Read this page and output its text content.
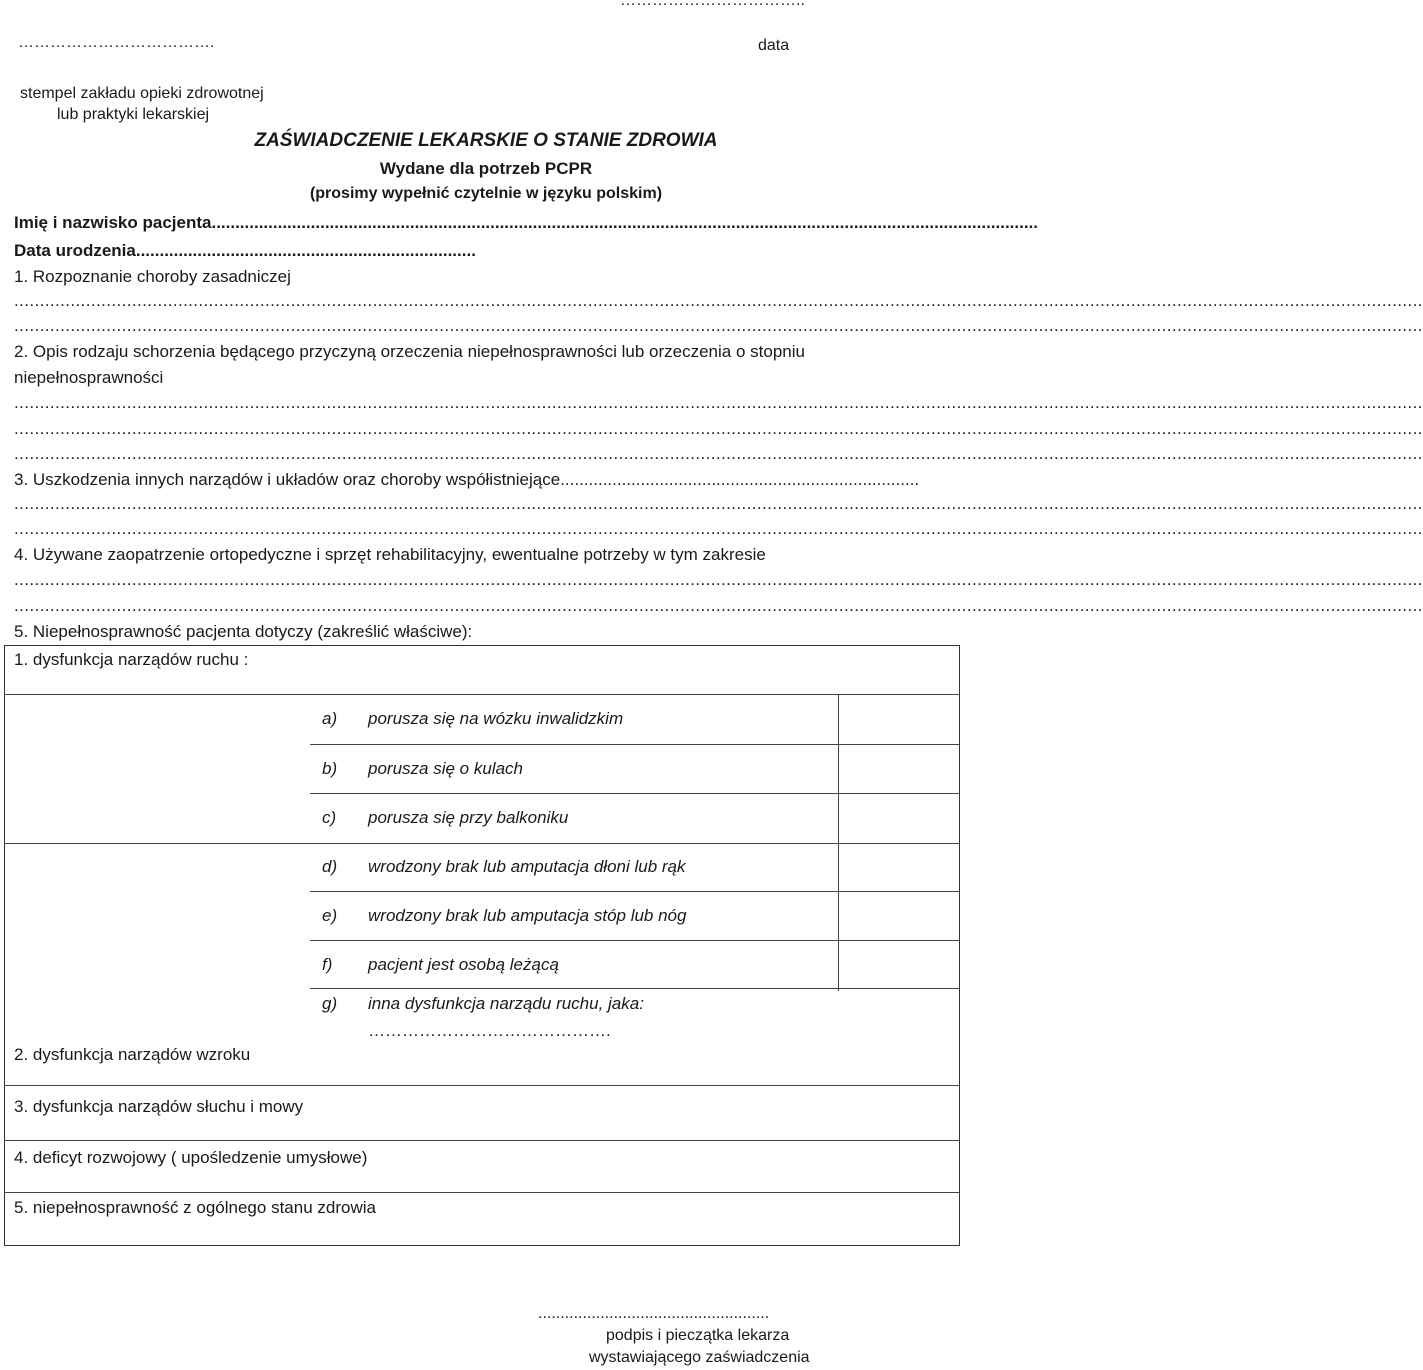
……………………………..
……………………………….	data
stempel zakładu opieki zdrowotnej
lub praktyki lekarskiej
ZAŚWIADCZENIE LEKARSKIE O STANIE ZDROWIA
Wydane dla potrzeb PCPR
(prosimy wypełnić czytelnie w języku polskim)
Imię i nazwisko pacjenta...............................................................................................................................................................................
Data urodzenia........................................................................
1. Rozpoznanie choroby zasadniczej
...................................................................................................................................................................................................................................................................................
...................................................................................................................................................................................................................................................................................
2. Opis rodzaju schorzenia będącego przyczyną orzeczenia niepełnosprawności lub orzeczenia o stopniu
niepełnosprawności
...................................................................................................................................................................................................................................................................................
...................................................................................................................................................................................................................................................................................
...................................................................................................................................................................................................................................................................................
3. Uszkodzenia innych narządów i układów oraz choroby współistniejące............................................................................
...................................................................................................................................................................................................................................................................................
...................................................................................................................................................................................................................................................................................
4. Używane zaopatrzenie ortopedyczne i sprzęt rehabilitacyjny, ewentualne potrzeby w tym zakresie
...................................................................................................................................................................................................................................................................................
...................................................................................................................................................................................................................................................................................
5. Niepełnosprawność pacjenta dotyczy (zakreślić właściwe):
1. dysfunkcja narządów ruchu :
a) porusza się na wózku inwalidzkim
b) porusza się o kulach
c) porusza się przy balkoniku
d) wrodzony brak lub amputacja dłoni lub rąk
e) wrodzony brak lub amputacja stóp lub nóg
f) pacjent jest osobą leżącą
g) inna dysfunkcja narządu ruchu, jaka:
…………………………………….
2. dysfunkcja narządów wzroku
3. dysfunkcja narządów słuchu i mowy
4. deficyt rozwojowy ( upośledzenie umysłowe)
5. niepełnosprawność z ogólnego stanu zdrowia
....................................................
podpis i pieczątka lekarza
wystawiającego zaświadczenia
